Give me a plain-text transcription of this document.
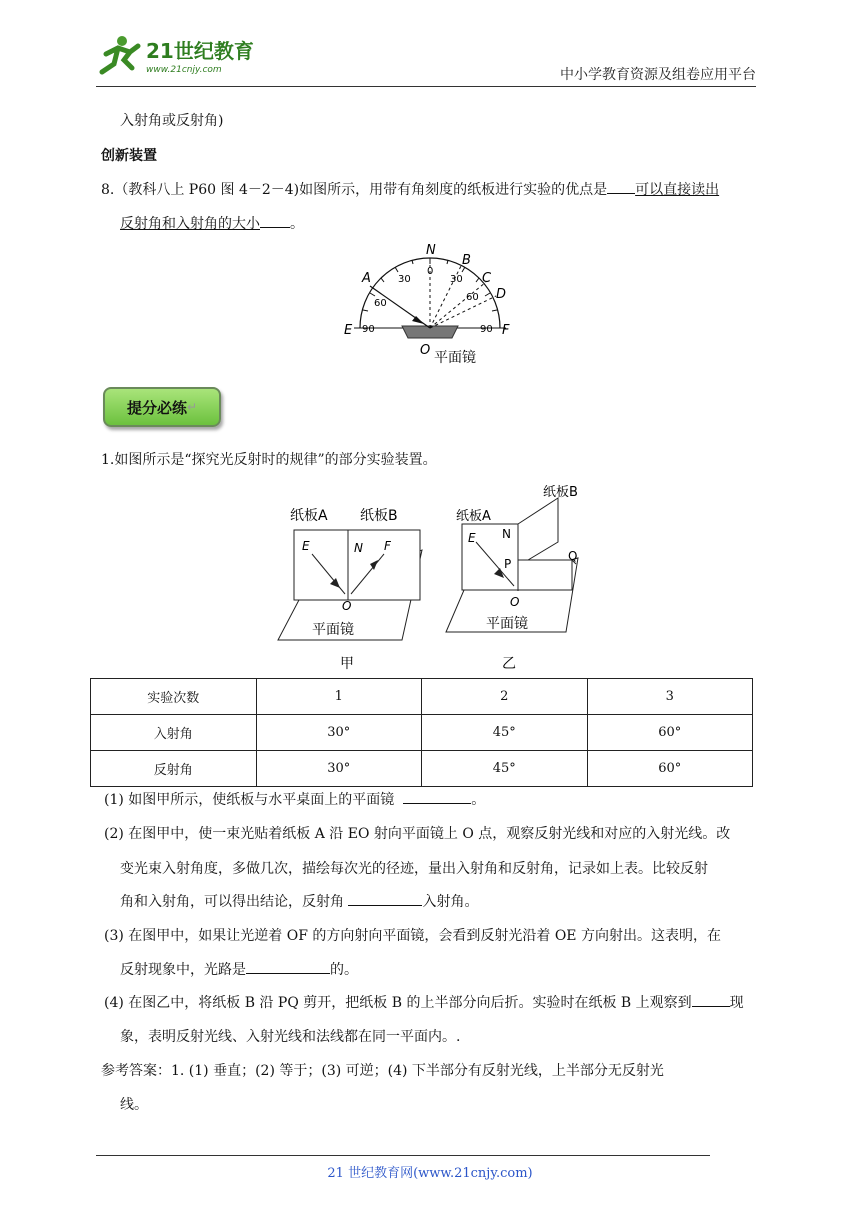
21世纪教育
www.21cnjy.com	中小学教育资源及组卷应用平台
入射角或反射角)
创新装置
8.（教科八上 P60 图 4－2－4)如图所示，用带有角刻度的纸板进行实验的优点是 可以直接读出
反射角和入射角的大小 。
A
N
B
C
D
E	F
O
30
0
30
60
60
90	90
平面镜
提分必练 ↵
1.如图所示是“探究光反射时的规律”的部分实验装置。
纸板A 纸板B
E	N F
O
平面镜
甲
纸板B
纸板A
E N
P
Q
O
平面镜
乙
实验次数	1	2	3
入射角	30°	45°	60°
反射角	30°	45°	60°
(1) 如图甲所示，使纸板与水平桌面上的平面镜	。
(2) 在图甲中，使一束光贴着纸板 A 沿 EO 射向平面镜上 O 点，观察反射光线和对应的入射光线。改
变光束入射角度，多做几次，描绘每次光的径迹，量出入射角和反射角，记录如上表。比较反射
角和入射角，可以得出结论，反射角	入射角。
(3) 在图甲中，如果让光逆着 OF 的方向射向平面镜，会看到反射光沿着 OE 方向射出。这表明，在
反射现象中，光路是	的。
(4) 在图乙中，将纸板 B 沿 PQ 剪开，把纸板 B 的上半部分向后折。实验时在纸板 B 上观察到	现
象，表明反射光线、入射光线和法线都在同一平面内。.
参考答案：1. (1) 垂直；(2) 等于；(3) 可逆；(4) 下半部分有反射光线，上半部分无反射光
线。
21 世纪教育网(www.21cnjy.com)
